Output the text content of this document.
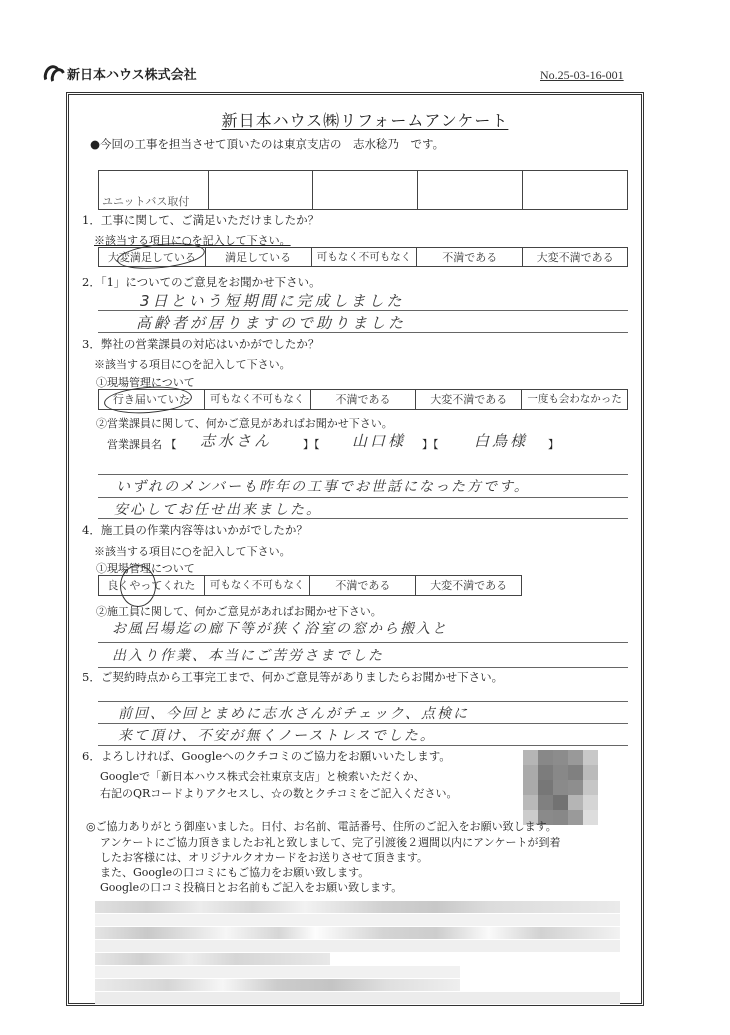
新日本ハウス株式会社	No.25-03-16-001
新日本ハウス㈱リフォームアンケート
●今回の工事を担当させて頂いたのは東京支店の　志水稔乃　です。
ユニットバス取付				
1．工事に関して、ご満足いただけましたか？
※該当する項目に○を記入して下さい。
大変満足している	満足している	可もなく不可もなく	不満である	大変不満である
2．「1」についてのご意見をお聞かせ下さい。
3日という短期間に完成しました
高齢者が居りますので助りました
3．弊社の営業課員の対応はいかがでしたか？
※該当する項目に○を記入して下さい。
①現場管理について
行き届いていた	可もなく不可もなく	不満である	大変不満である	一度も会わなかった
②営業課員に関して、何かご意見があればお聞かせ下さい。
営業課員名 【 志水さん	】【 山口様 】【 白鳥様 】
いずれのメンバーも昨年の工事でお世話になった方です。
安心してお任せ出来ました。
4．施工員の作業内容等はいかがでしたか？
※該当する項目に○を記入して下さい。
①現場管理について
良くやってくれた	可もなく不可もなく	不満である	大変不満である
②施工員に関して、何かご意見があればお聞かせ下さい。
お風呂場迄の廊下等が狭く浴室の窓から搬入と
出入り作業、本当にご苦労さまでした
5．ご契約時点から工事完工まで、何かご意見等がありましたらお聞かせ下さい。
前回、今回とまめに志水さんがチェック、点検に
来て頂け、不安が無くノーストレスでした。
6．よろしければ、Googleへのクチコミのご協力をお願いいたします。
Googleで「新日本ハウス株式会社東京支店」と検索いただくか、
右記のQRコードよりアクセスし、☆の数とクチコミをご記入ください。
◎ご協力ありがとう御座いました。日付、お名前、電話番号、住所のご記入をお願い致します。
アンケートにご協力頂きましたお礼と致しまして、完了引渡後２週間以内にアンケートが到着
したお客様には、オリジナルクオカードをお送りさせて頂きます。
また、Googleの口コミにもご協力をお願い致します。
Googleの口コミ投稿日とお名前もご記入をお願い致します。
